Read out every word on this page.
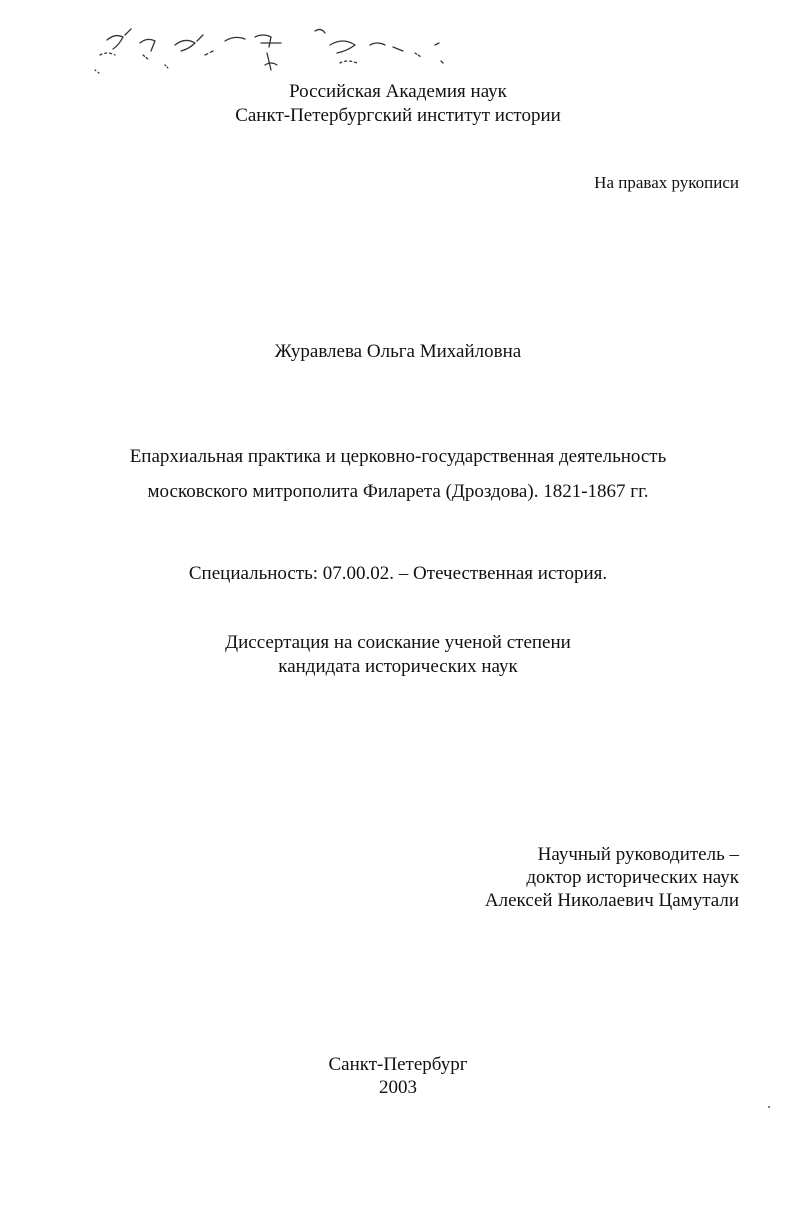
Российская Академия наук
Санкт-Петербургский институт истории
На правах рукописи
Журавлева Ольга Михайловна
Епархиальная практика и церковно-государственная деятельность
московского митрополита Филарета (Дроздова). 1821-1867 гг.
Специальность: 07.00.02. – Отечественная история.
Диссертация на соискание ученой степени
кандидата исторических наук
Научный руководитель –
доктор исторических наук
Алексей Николаевич Цамутали
Санкт-Петербург
2003
